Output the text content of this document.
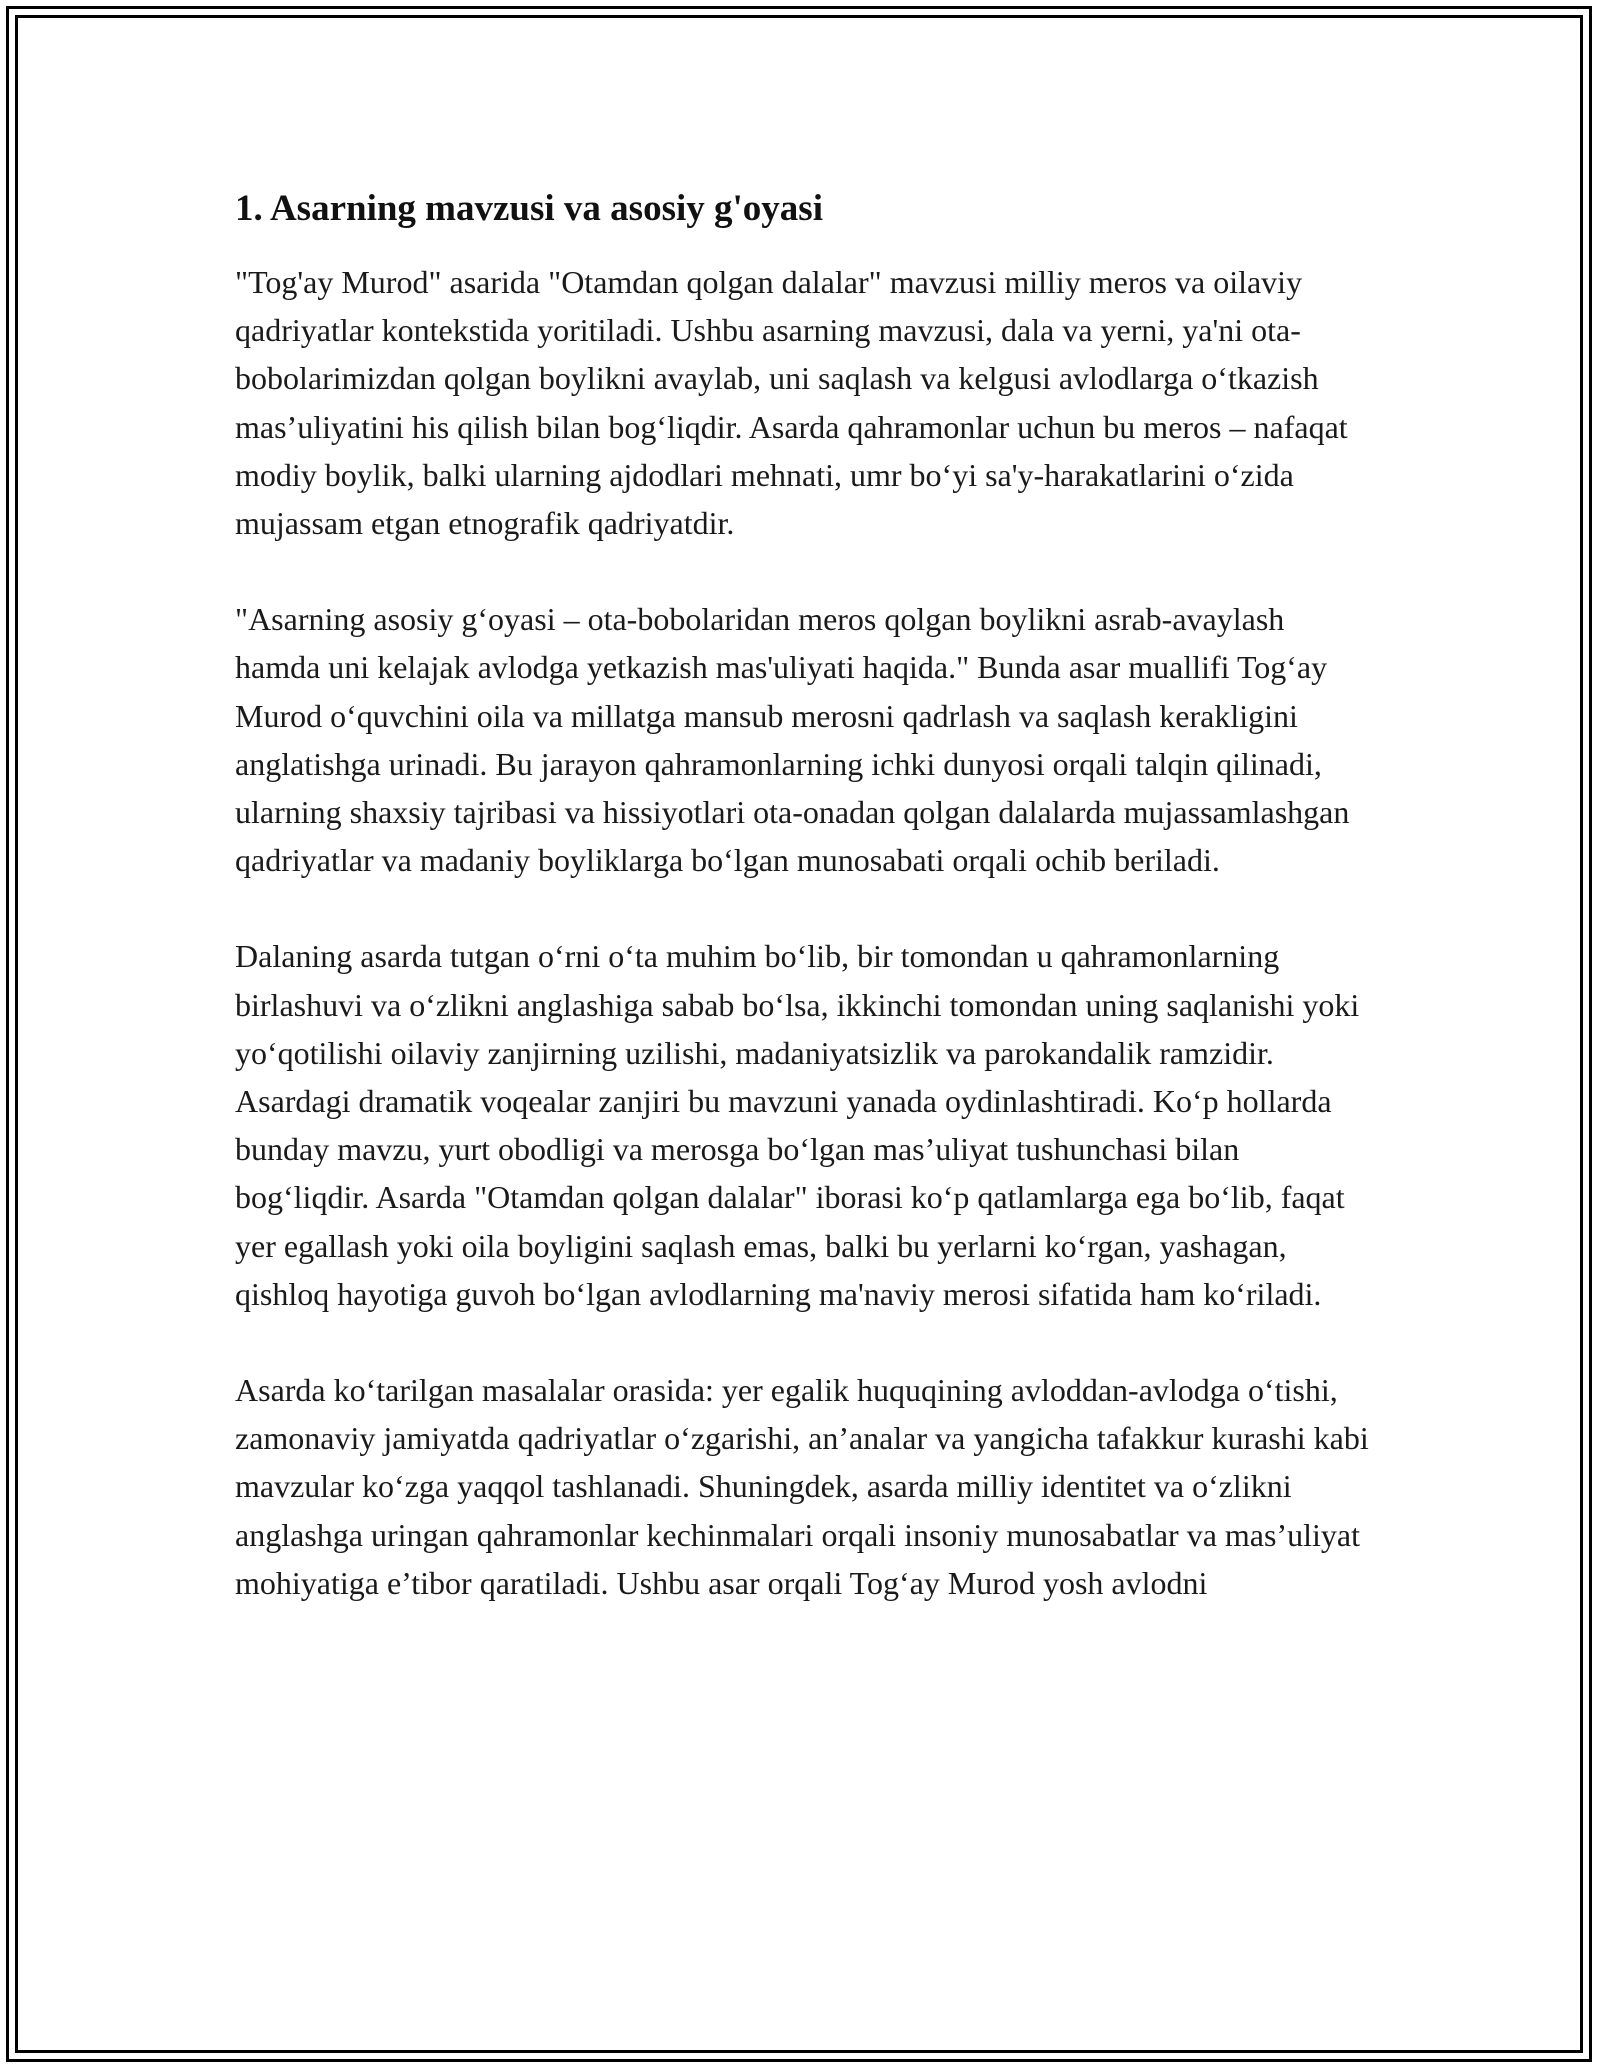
1. Asarning mavzusi va asosiy g'oyasi

"Tog'ay Murod" asarida "Otamdan qolgan dalalar" mavzusi milliy meros va oilaviy qadriyatlar kontekstida yoritiladi. Ushbu asarning mavzusi, dala va yerni, ya'ni ota-bobolarimizdan qolgan boylikni avaylab, uni saqlash va kelgusi avlodlarga o‘tkazish mas’uliyatini his qilish bilan bog‘liqdir. Asarda qahramonlar uchun bu meros – nafaqat modiy boylik, balki ularning ajdodlari mehnati, umr bo‘yi sa'y-harakatlarini o‘zida mujassam etgan etnografik qadriyatdir.

"Asarning asosiy g‘oyasi – ota-bobolaridan meros qolgan boylikni asrab-avaylash hamda uni kelajak avlodga yetkazish mas'uliyati haqida." Bunda asar muallifi Tog‘ay Murod o‘quvchini oila va millatga mansub merosni qadrlash va saqlash kerakligini anglatishga urinadi. Bu jarayon qahramonlarning ichki dunyosi orqali talqin qilinadi, ularning shaxsiy tajribasi va hissiyotlari ota-onadan qolgan dalalarda mujassamlashgan qadriyatlar va madaniy boyliklarga bo‘lgan munosabati orqali ochib beriladi.

Dalaning asarda tutgan o‘rni o‘ta muhim bo‘lib, bir tomondan u qahramonlarning birlashuvi va o‘zlikni anglashiga sabab bo‘lsa, ikkinchi tomondan uning saqlanishi yoki yo‘qotilishi oilaviy zanjirning uzilishi, madaniyatsizlik va parokandalik ramzidir. Asardagi dramatik voqealar zanjiri bu mavzuni yanada oydinlashtiradi. Ko‘p hollarda bunday mavzu, yurt obodligi va merosga bo‘lgan mas’uliyat tushunchasi bilan bog‘liqdir. Asarda "Otamdan qolgan dalalar" iborasi ko‘p qatlamlarga ega bo‘lib, faqat yer egallash yoki oila boyligini saqlash emas, balki bu yerlarni ko‘rgan, yashagan, qishloq hayotiga guvoh bo‘lgan avlodlarning ma'naviy merosi sifatida ham ko‘riladi.

Asarda ko‘tarilgan masalalar orasida: yer egalik huquqining avloddan-avlodga o‘tishi, zamonaviy jamiyatda qadriyatlar o‘zgarishi, an’analar va yangicha tafakkur kurashi kabi mavzular ko‘zga yaqqol tashlanadi. Shuningdek, asarda milliy identitet va o‘zlikni anglashga uringan qahramonlar kechinmalari orqali insoniy munosabatlar va mas’uliyat mohiyatiga e’tibor qaratiladi. Ushbu asar orqali Tog‘ay Murod yosh avlodni
